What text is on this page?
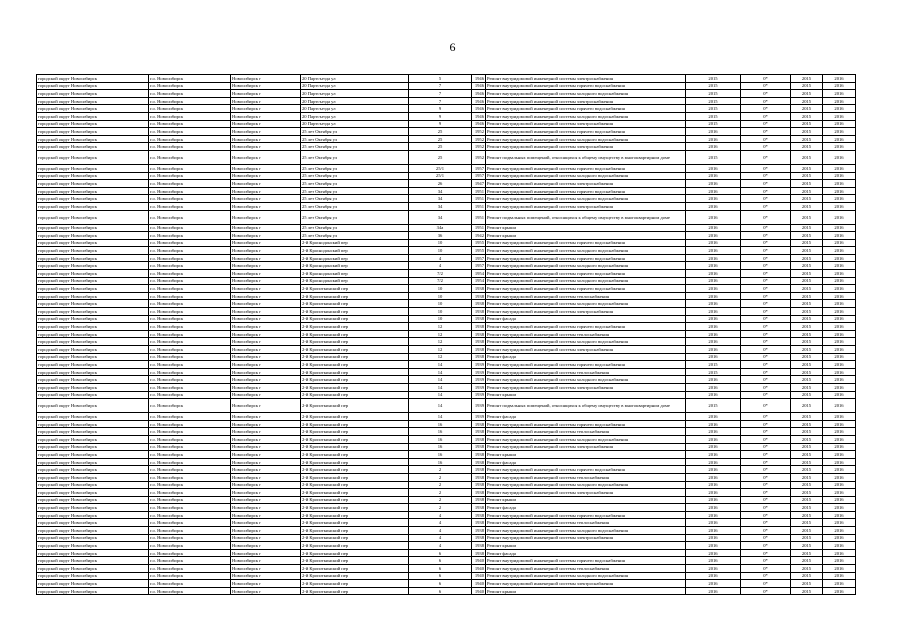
6
городской округ Новосибирск	г.о. Новосибирск	Новосибирск г	20 Партсъезда ул	5	1946	Ремонт внутридомовой инженерной системы электроснабжения	2015	0*	2015	2016
городской округ Новосибирск	г.о. Новосибирск	Новосибирск г	20 Партсъезда ул	7	1946	Ремонт внутридомовой инженерной системы горячего водоснабжения	2015	0*	2015	2016
городской округ Новосибирск	г.о. Новосибирск	Новосибирск г	20 Партсъезда ул	7	1946	Ремонт внутридомовой инженерной системы холодного водоснабжения	2015	0*	2015	2016
городской округ Новосибирск	г.о. Новосибирск	Новосибирск г	20 Партсъезда ул	7	1946	Ремонт внутридомовой инженерной системы электроснабжения	2015	0*	2015	2016
городской округ Новосибирск	г.о. Новосибирск	Новосибирск г	20 Партсъезда ул	9	1946	Ремонт внутридомовой инженерной системы горячего водоснабжения	2015	0*	2015	2016
городской округ Новосибирск	г.о. Новосибирск	Новосибирск г	20 Партсъезда ул	9	1946	Ремонт внутридомовой инженерной системы холодного водоснабжения	2015	0*	2015	2016
городской округ Новосибирск	г.о. Новосибирск	Новосибирск г	20 Партсъезда ул	9	1946	Ремонт внутридомовой инженерной системы электроснабжения	2015	0*	2015	2016
городской округ Новосибирск	г.о. Новосибирск	Новосибирск г	25 лет Октября ул	25	1952	Ремонт внутридомовой инженерной системы горячего водоснабжения	2016	0*	2015	2016
городской округ Новосибирск	г.о. Новосибирск	Новосибирск г	25 лет Октября ул	25	1952	Ремонт внутридомовой инженерной системы холодного водоснабжения	2016	0*	2015	2016
городской округ Новосибирск	г.о. Новосибирск	Новосибирск г	25 лет Октября ул	25	1952	Ремонт внутридомовой инженерной системы электроснабжения	2016	0*	2015	2016
городской округ Новосибирск	г.о. Новосибирск	Новосибирск г	25 лет Октября ул	25	1952	Ремонт подвальных помещений, относящихся к общему имуществу в многоквартирном доме	2015	0*	2015	2016
городской округ Новосибирск	г.о. Новосибирск	Новосибирск г	25 лет Октября ул	25/1	1957	Ремонт внутридомовой инженерной системы горячего водоснабжения	2016	0*	2015	2016
городской округ Новосибирск	г.о. Новосибирск	Новосибирск г	25 лет Октября ул	25/1	1957	Ремонт внутридомовой инженерной системы холодного водоснабжения	2016	0*	2015	2016
городской округ Новосибирск	г.о. Новосибирск	Новосибирск г	25 лет Октября ул	26	1947	Ремонт внутридомовой инженерной системы электроснабжения	2016	0*	2015	2016
городской округ Новосибирск	г.о. Новосибирск	Новосибирск г	25 лет Октября ул	34	1951	Ремонт внутридомовой инженерной системы горячего водоснабжения	2016	0*	2015	2016
городской округ Новосибирск	г.о. Новосибирск	Новосибирск г	25 лет Октября ул	34	1951	Ремонт внутридомовой инженерной системы холодного водоснабжения	2016	0*	2015	2016
городской округ Новосибирск	г.о. Новосибирск	Новосибирск г	25 лет Октября ул	34	1951	Ремонт внутридомовой инженерной системы электроснабжения	2016	0*	2015	2016
городской округ Новосибирск	г.о. Новосибирск	Новосибирск г	25 лет Октября ул	34	1951	Ремонт подвальных помещений, относящихся к общему имуществу в многоквартирном доме	2016	0*	2015	2016
городской округ Новосибирск	г.о. Новосибирск	Новосибирск г	25 лет Октября ул	34а	1951	Ремонт крыши	2016	0*	2015	2016
городской округ Новосибирск	г.о. Новосибирск	Новосибирск г	25 лет Октября ул	36	1942	Ремонт крыши	2016	0*	2015	2016
городской округ Новосибирск	г.о. Новосибирск	Новосибирск г	2-й Краснодонский пер	10	1955	Ремонт внутридомовой инженерной системы горячего водоснабжения	2016	0*	2015	2016
городской округ Новосибирск	г.о. Новосибирск	Новосибирск г	2-й Краснодонский пер	10	1955	Ремонт внутридомовой инженерной системы холодного водоснабжения	2016	0*	2015	2016
городской округ Новосибирск	г.о. Новосибирск	Новосибирск г	2-й Краснодонский пер	4	1957	Ремонт внутридомовой инженерной системы горячего водоснабжения	2016	0*	2015	2016
городской округ Новосибирск	г.о. Новосибирск	Новосибирск г	2-й Краснодонский пер	4	1957	Ремонт внутридомовой инженерной системы холодного водоснабжения	2016	0*	2015	2016
городской округ Новосибирск	г.о. Новосибирск	Новосибирск г	2-й Краснодонский пер	7/2	1954	Ремонт внутридомовой инженерной системы горячего водоснабжения	2016	0*	2015	2016
городской округ Новосибирск	г.о. Новосибирск	Новосибирск г	2-й Краснодонский пер	7/2	1954	Ремонт внутридомовой инженерной системы холодного водоснабжения	2016	0*	2015	2016
городской округ Новосибирск	г.о. Новосибирск	Новосибирск г	2-й Кропоткинский пер	10	1938	Ремонт внутридомовой инженерной системы горячего водоснабжения	2016	0*	2015	2016
городской округ Новосибирск	г.о. Новосибирск	Новосибирск г	2-й Кропоткинский пер	10	1938	Ремонт внутридомовой инженерной системы теплоснабжения	2016	0*	2015	2016
городской округ Новосибирск	г.о. Новосибирск	Новосибирск г	2-й Кропоткинский пер	10	1938	Ремонт внутридомовой инженерной системы холодного водоснабжения	2016	0*	2015	2016
городской округ Новосибирск	г.о. Новосибирск	Новосибирск г	2-й Кропоткинский пер	10	1938	Ремонт внутридомовой инженерной системы электроснабжения	2016	0*	2015	2016
городской округ Новосибирск	г.о. Новосибирск	Новосибирск г	2-й Кропоткинский пер	10	1938	Ремонт фасада	2016	0*	2015	2016
городской округ Новосибирск	г.о. Новосибирск	Новосибирск г	2-й Кропоткинский пер	12	1938	Ремонт внутридомовой инженерной системы горячего водоснабжения	2016	0*	2015	2016
городской округ Новосибирск	г.о. Новосибирск	Новосибирск г	2-й Кропоткинский пер	12	1938	Ремонт внутридомовой инженерной системы теплоснабжения	2016	0*	2015	2016
городской округ Новосибирск	г.о. Новосибирск	Новосибирск г	2-й Кропоткинский пер	12	1938	Ремонт внутридомовой инженерной системы холодного водоснабжения	2016	0*	2015	2016
городской округ Новосибирск	г.о. Новосибирск	Новосибирск г	2-й Кропоткинский пер	12	1938	Ремонт внутридомовой инженерной системы электроснабжения	2016	0*	2015	2016
городской округ Новосибирск	г.о. Новосибирск	Новосибирск г	2-й Кропоткинский пер	12	1938	Ремонт фасада	2016	0*	2015	2016
городской округ Новосибирск	г.о. Новосибирск	Новосибирск г	2-й Кропоткинский пер	14	1939	Ремонт внутридомовой инженерной системы горячего водоснабжения	2015	0*	2015	2016
городской округ Новосибирск	г.о. Новосибирск	Новосибирск г	2-й Кропоткинский пер	14	1939	Ремонт внутридомовой инженерной системы теплоснабжения	2015	0*	2015	2016
городской округ Новосибирск	г.о. Новосибирск	Новосибирск г	2-й Кропоткинский пер	14	1939	Ремонт внутридомовой инженерной системы холодного водоснабжения	2016	0*	2015	2016
городской округ Новосибирск	г.о. Новосибирск	Новосибирск г	2-й Кропоткинский пер	14	1939	Ремонт внутридомовой инженерной системы электроснабжения	2016	0*	2015	2016
городской округ Новосибирск	г.о. Новосибирск	Новосибирск г	2-й Кропоткинский пер	14	1939	Ремонт крыши	2016	0*	2015	2016
городской округ Новосибирск	г.о. Новосибирск	Новосибирск г	2-й Кропоткинский пер	14	1939	Ремонт подвальных помещений, относящихся к общему имуществу в многоквартирном доме	2015	0*	2015	2016
городской округ Новосибирск	г.о. Новосибирск	Новосибирск г	2-й Кропоткинский пер	14	1939	Ремонт фасада	2016	0*	2015	2016
городской округ Новосибирск	г.о. Новосибирск	Новосибирск г	2-й Кропоткинский пер	16	1938	Ремонт внутридомовой инженерной системы горячего водоснабжения	2016	0*	2015	2016
городской округ Новосибирск	г.о. Новосибирск	Новосибирск г	2-й Кропоткинский пер	16	1938	Ремонт внутридомовой инженерной системы теплоснабжения	2016	0*	2015	2016
городской округ Новосибирск	г.о. Новосибирск	Новосибирск г	2-й Кропоткинский пер	16	1938	Ремонт внутридомовой инженерной системы холодного водоснабжения	2016	0*	2015	2016
городской округ Новосибирск	г.о. Новосибирск	Новосибирск г	2-й Кропоткинский пер	16	1938	Ремонт внутридомовой инженерной системы электроснабжения	2016	0*	2015	2016
городской округ Новосибирск	г.о. Новосибирск	Новосибирск г	2-й Кропоткинский пер	16	1938	Ремонт крыши	2016	0*	2015	2016
городской округ Новосибирск	г.о. Новосибирск	Новосибирск г	2-й Кропоткинский пер	16	1938	Ремонт фасада	2016	0*	2015	2016
городской округ Новосибирск	г.о. Новосибирск	Новосибирск г	2-й Кропоткинский пер	2	1938	Ремонт внутридомовой инженерной системы горячего водоснабжения	2016	0*	2015	2016
городской округ Новосибирск	г.о. Новосибирск	Новосибирск г	2-й Кропоткинский пер	2	1938	Ремонт внутридомовой инженерной системы теплоснабжения	2016	0*	2015	2016
городской округ Новосибирск	г.о. Новосибирск	Новосибирск г	2-й Кропоткинский пер	2	1938	Ремонт внутридомовой инженерной системы холодного водоснабжения	2016	0*	2015	2016
городской округ Новосибирск	г.о. Новосибирск	Новосибирск г	2-й Кропоткинский пер	2	1938	Ремонт внутридомовой инженерной системы электроснабжения	2016	0*	2015	2016
городской округ Новосибирск	г.о. Новосибирск	Новосибирск г	2-й Кропоткинский пер	2	1938	Ремонт крыши	2016	0*	2015	2016
городской округ Новосибирск	г.о. Новосибирск	Новосибирск г	2-й Кропоткинский пер	2	1938	Ремонт фасада	2016	0*	2015	2016
городской округ Новосибирск	г.о. Новосибирск	Новосибирск г	2-й Кропоткинский пер	4	1938	Ремонт внутридомовой инженерной системы горячего водоснабжения	2016	0*	2015	2016
городской округ Новосибирск	г.о. Новосибирск	Новосибирск г	2-й Кропоткинский пер	4	1938	Ремонт внутридомовой инженерной системы теплоснабжения	2016	0*	2015	2016
городской округ Новосибирск	г.о. Новосибирск	Новосибирск г	2-й Кропоткинский пер	4	1938	Ремонт внутридомовой инженерной системы холодного водоснабжения	2016	0*	2015	2016
городской округ Новосибирск	г.о. Новосибирск	Новосибирск г	2-й Кропоткинский пер	4	1938	Ремонт внутридомовой инженерной системы электроснабжения	2016	0*	2015	2016
городской округ Новосибирск	г.о. Новосибирск	Новосибирск г	2-й Кропоткинский пер	4	1938	Ремонт крыши	2016	0*	2015	2016
городской округ Новосибирск	г.о. Новосибирск	Новосибирск г	2-й Кропоткинский пер	6	1938	Ремонт фасада	2016	0*	2015	2016
городской округ Новосибирск	г.о. Новосибирск	Новосибирск г	2-й Кропоткинский пер	6	1940	Ремонт внутридомовой инженерной системы горячего водоснабжения	2016	0*	2015	2016
городской округ Новосибирск	г.о. Новосибирск	Новосибирск г	2-й Кропоткинский пер	6	1940	Ремонт внутридомовой инженерной системы теплоснабжения	2016	0*	2015	2016
городской округ Новосибирск	г.о. Новосибирск	Новосибирск г	2-й Кропоткинский пер	6	1940	Ремонт внутридомовой инженерной системы холодного водоснабжения	2016	0*	2015	2016
городской округ Новосибирск	г.о. Новосибирск	Новосибирск г	2-й Кропоткинский пер	6	1940	Ремонт внутридомовой инженерной системы электроснабжения	2016	0*	2015	2016
городской округ Новосибирск	г.о. Новосибирск	Новосибирск г	2-й Кропоткинский пер	6	1940	Ремонт крыши	2016	0*	2015	2016
